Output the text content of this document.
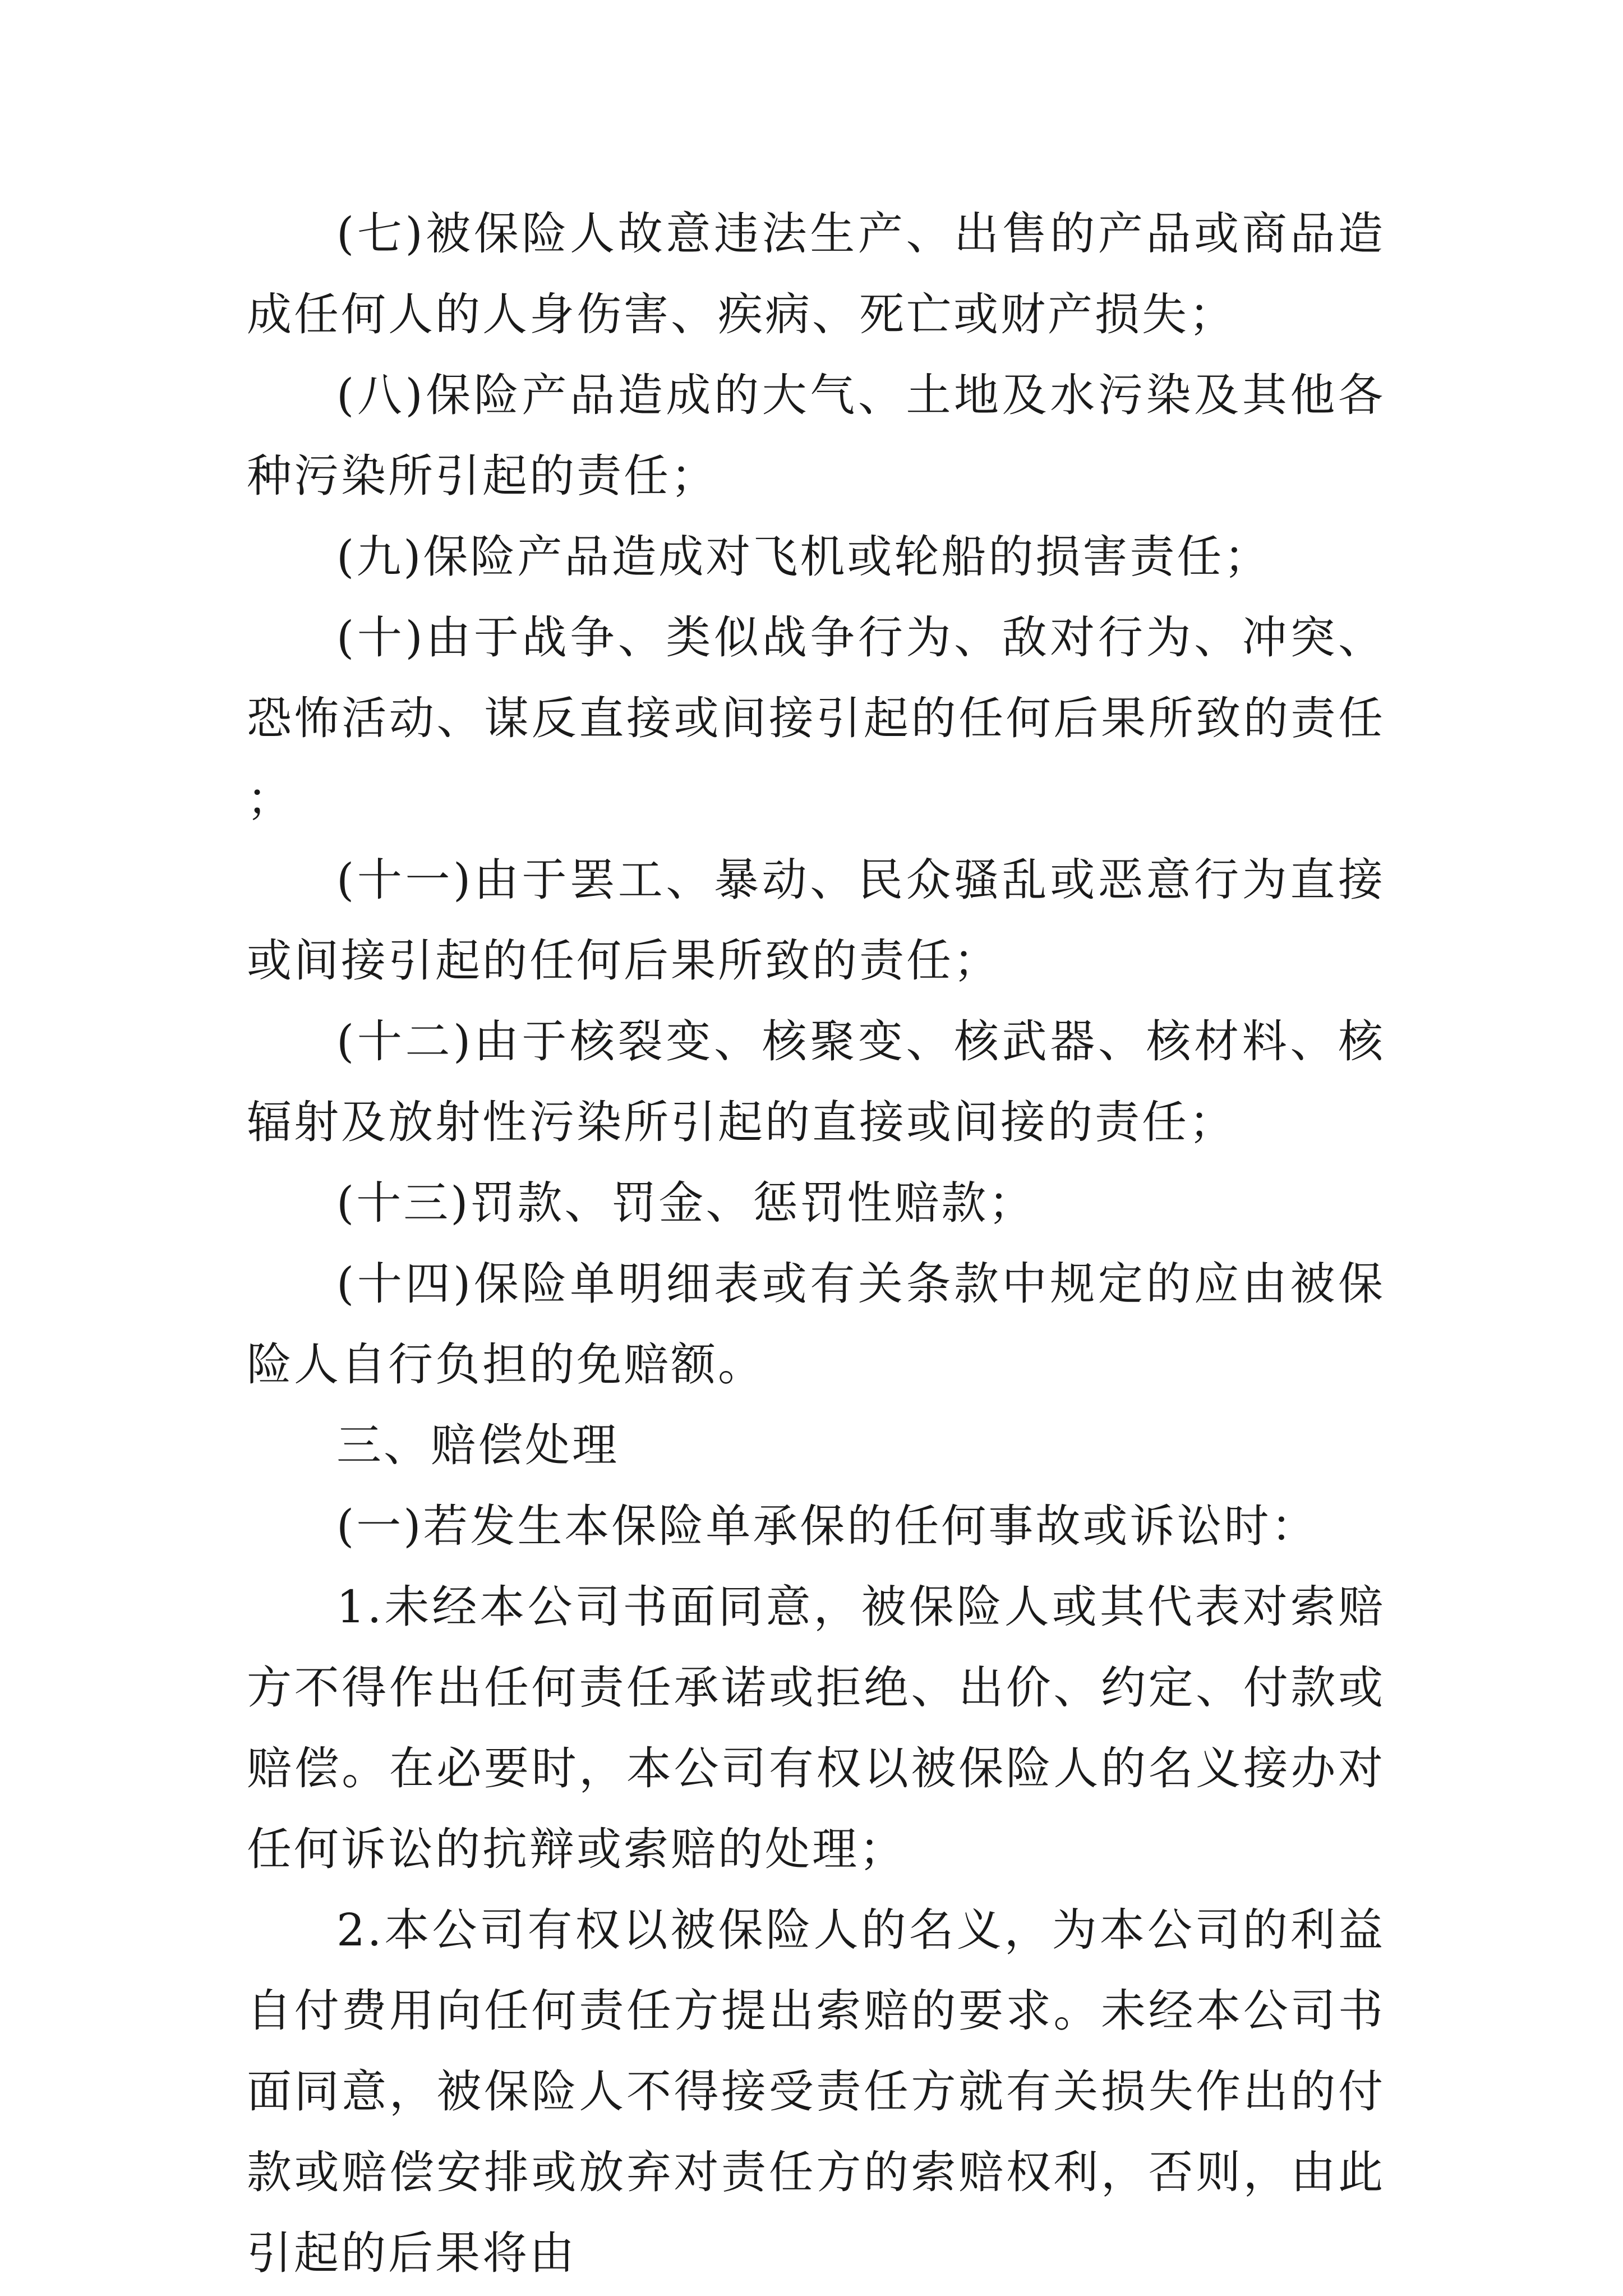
(七)被保险人故意违法生产、出售的产品或商品造成任何人的人身伤害、疾病、死亡或财产损失；

(八)保险产品造成的大气、土地及水污染及其他各种污染所引起的责任；

(九)保险产品造成对飞机或轮船的损害责任；

(十)由于战争、类似战争行为、敌对行为、冲突、恐怖活动、谋反直接或间接引起的任何后果所致的责任；

(十一)由于罢工、暴动、民众骚乱或恶意行为直接或间接引起的任何后果所致的责任；

(十二)由于核裂变、核聚变、核武器、核材料、核辐射及放射性污染所引起的直接或间接的责任；

(十三)罚款、罚金、惩罚性赔款；

(十四)保险单明细表或有关条款中规定的应由被保险人自行负担的免赔额。

三、赔偿处理

(一)若发生本保险单承保的任何事故或诉讼时：

1.未经本公司书面同意，被保险人或其代表对索赔方不得作出任何责任承诺或拒绝、出价、约定、付款或赔偿。在必要时，本公司有权以被保险人的名义接办对任何诉讼的抗辩或索赔的处理；

2.本公司有权以被保险人的名义，为本公司的利益自付费用向任何责任方提出索赔的要求。未经本公司书面同意，被保险人不得接受责任方就有关损失作出的付款或赔偿安排或放弃对责任方的索赔权利，否则，由此引起的后果将由
